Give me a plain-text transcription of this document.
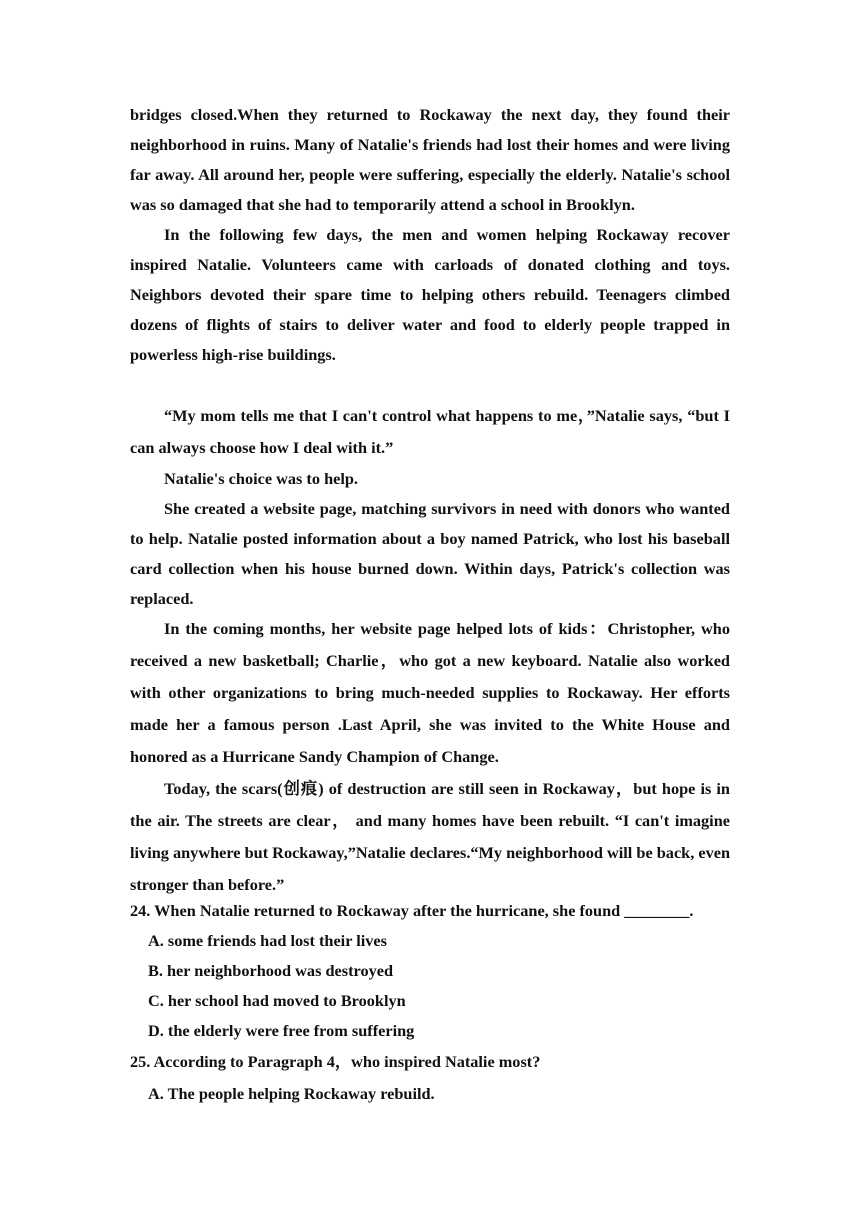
bridges closed.When they returned to Rockaway the next day, they found their neighborhood in ruins. Many of Natalie's friends had lost their homes and were living far away. All around her, people were suffering, especially the elderly. Natalie's school was so damaged that she had to temporarily attend a school in Brooklyn.

In the following few days, the men and women helping Rockaway recover inspired Natalie. Volunteers came with carloads of donated clothing and toys. Neighbors devoted their spare time to helping others rebuild. Teenagers climbed dozens of flights of stairs to deliver water and food to elderly people trapped in powerless high-rise buildings.

“My mom tells me that I can't control what happens to me，”Natalie says, “but I can always choose how I deal with it.”

Natalie's choice was to help.

She created a website page, matching survivors in need with donors who wanted to help. Natalie posted information about a boy named Patrick, who lost his baseball card collection when his house burned down. Within days, Patrick's collection was replaced.

In the coming months, her website page helped lots of kids：Christopher, who received a new basketball; Charlie，who got a new keyboard. Natalie also worked with other organizations to bring much-needed supplies to Rockaway. Her efforts made her a famous person .Last April, she was invited to the White House and honored as a Hurricane Sandy Champion of Change.

Today, the scars(创痕) of destruction are still seen in Rockaway，but hope is in the air. The streets are clear， and many homes have been rebuilt. “I can't imagine living anywhere but Rockaway,”Natalie declares.“My neighborhood will be back, even stronger than before.”

24. When Natalie returned to Rockaway after the hurricane, she found ________.
A. some friends had lost their lives
B. her neighborhood was destroyed
C. her school had moved to Brooklyn
D. the elderly were free from suffering
25. According to Paragraph 4，who inspired Natalie most?
A. The people helping Rockaway rebuild.
